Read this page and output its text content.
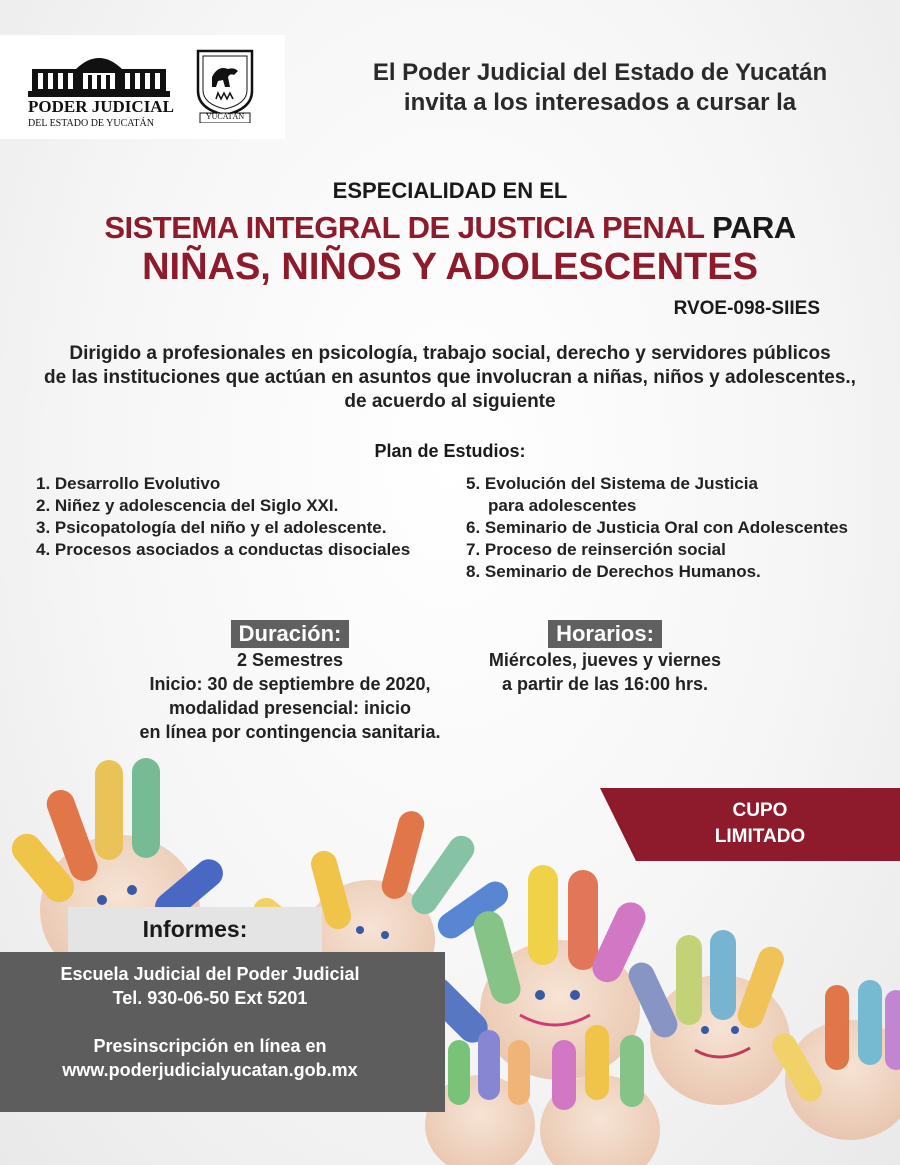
PODER JUDICIAL
DEL ESTADO DE YUCATÁN
YUCATÁN
El Poder Judicial del Estado de Yucatán
invita a los interesados a cursar la
ESPECIALIDAD EN EL
SISTEMA INTEGRAL DE JUSTICIA PENAL PARA
NIÑAS, NIÑOS Y ADOLESCENTES
RVOE-098-SIIES
Dirigido a profesionales en psicología, trabajo social, derecho y servidores públicos
de las instituciones que actúan en asuntos que involucran a niñas, niños y adolescentes.,
de acuerdo al siguiente
Plan de Estudios:
1. Desarrollo Evolutivo
2. Niñez y adolescencia del Siglo XXI.
3. Psicopatología del niño y el adolescente.
4. Procesos asociados a conductas disociales
5. Evolución del Sistema de Justicia
para adolescentes
6. Seminario de Justicia Oral con Adolescentes
7. Proceso de reinserción social
8. Seminario de Derechos Humanos.
Duración:
2 Semestres
Inicio: 30 de septiembre de 2020,
modalidad presencial: inicio
en línea por contingencia sanitaria.
Horarios:
Miércoles, jueves y viernes
a partir de las 16:00 hrs.
CUPO
LIMITADO
Informes:
Escuela Judicial del Poder Judicial
Tel. 930-06-50 Ext 5201
Presinscripción en línea en
www.poderjudicialyucatan.gob.mx
